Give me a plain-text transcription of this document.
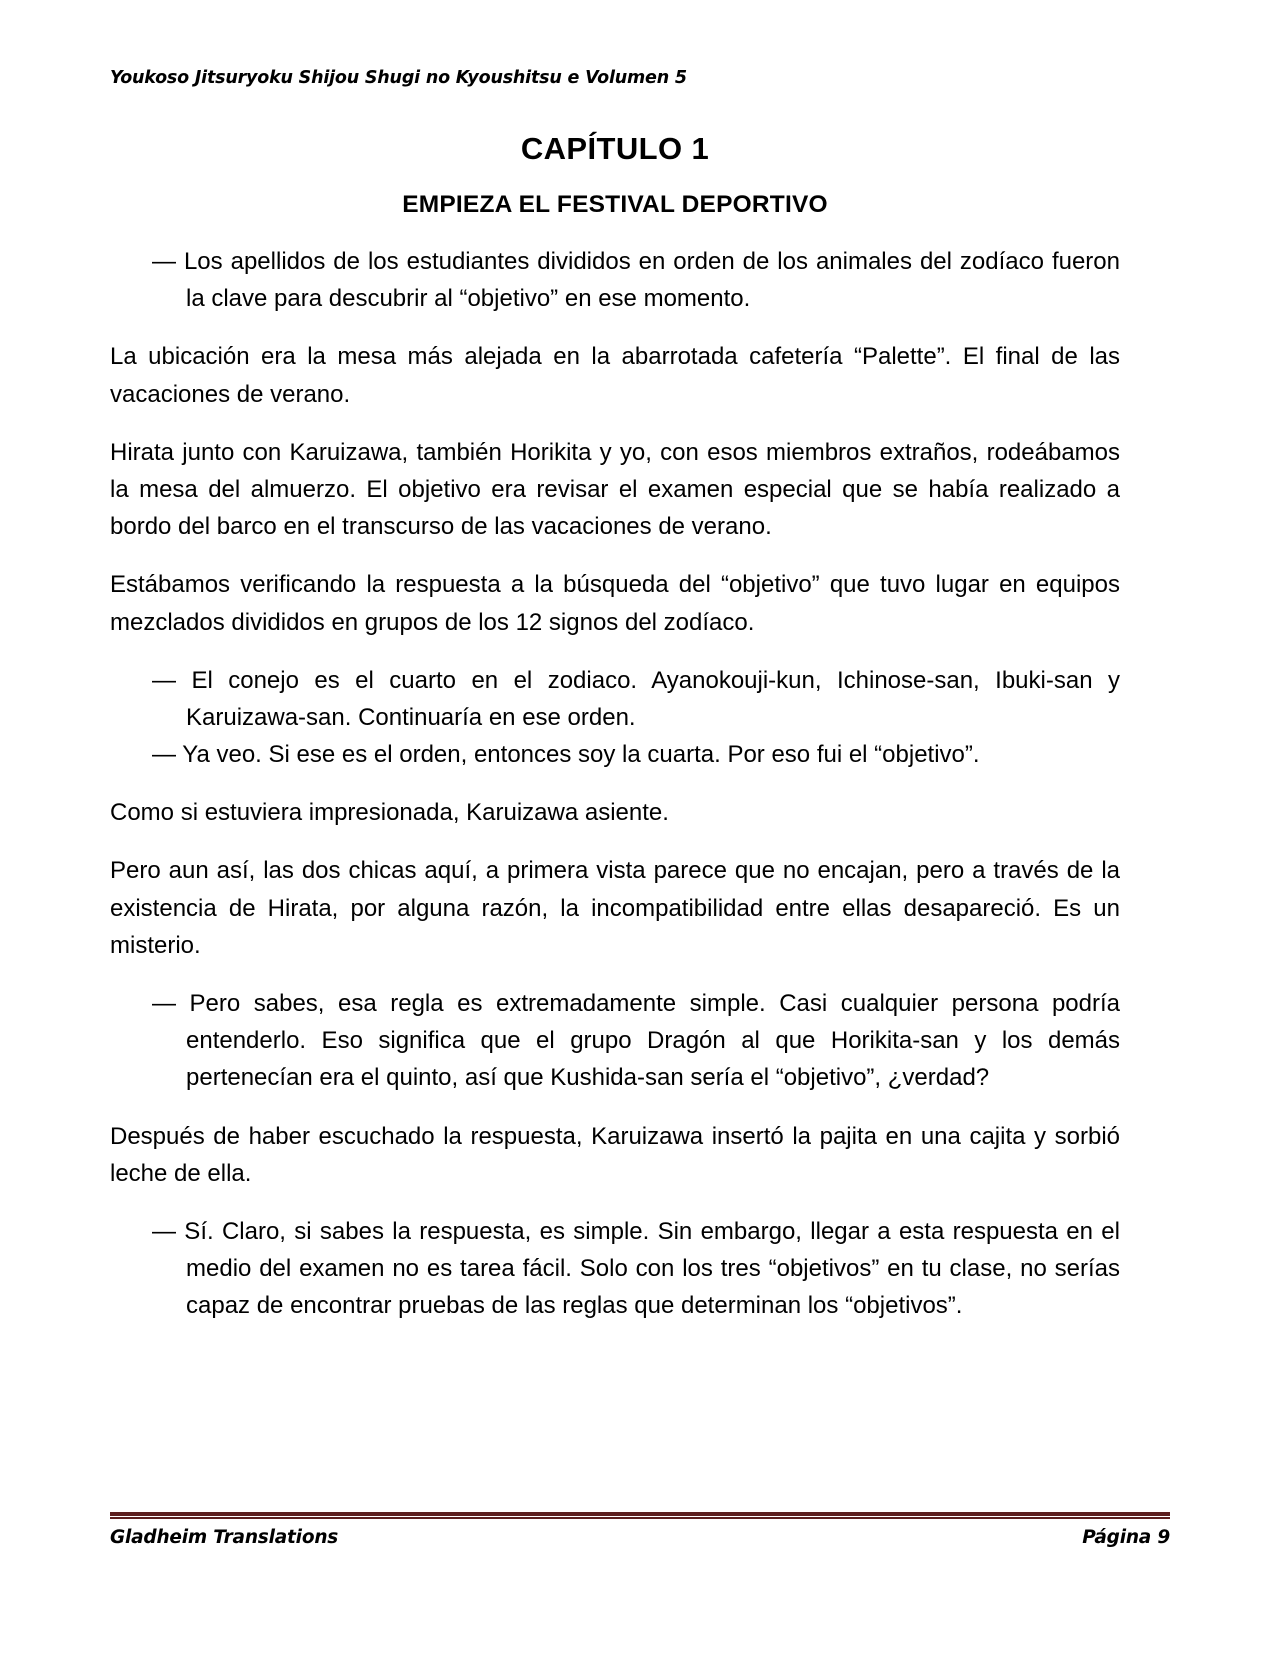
Youkoso Jitsuryoku Shijou Shugi no Kyoushitsu e Volumen 5
CAPÍTULO 1
EMPIEZA EL FESTIVAL DEPORTIVO

— Los apellidos de los estudiantes divididos en orden de los animales del zodíaco fueron la clave para descubrir al “objetivo” en ese momento.

La ubicación era la mesa más alejada en la abarrotada cafetería “Palette”. El final de las vacaciones de verano.

Hirata junto con Karuizawa, también Horikita y yo, con esos miembros extraños, rodeábamos la mesa del almuerzo. El objetivo era revisar el examen especial que se había realizado a bordo del barco en el transcurso de las vacaciones de verano.

Estábamos verificando la respuesta a la búsqueda del “objetivo” que tuvo lugar en equipos mezclados divididos en grupos de los 12 signos del zodíaco.

— El conejo es el cuarto en el zodiaco. Ayanokouji-kun, Ichinose-san, Ibuki-san y Karuizawa-san. Continuaría en ese orden.

— Ya veo. Si ese es el orden, entonces soy la cuarta. Por eso fui el “objetivo”.

Como si estuviera impresionada, Karuizawa asiente.

Pero aun así, las dos chicas aquí, a primera vista parece que no encajan, pero a través de la existencia de Hirata, por alguna razón, la incompatibilidad entre ellas desapareció. Es un misterio.

— Pero sabes, esa regla es extremadamente simple. Casi cualquier persona podría entenderlo. Eso significa que el grupo Dragón al que Horikita-san y los demás pertenecían era el quinto, así que Kushida-san sería el “objetivo”, ¿verdad?

Después de haber escuchado la respuesta, Karuizawa insertó la pajita en una cajita y sorbió leche de ella.

— Sí. Claro, si sabes la respuesta, es simple. Sin embargo, llegar a esta respuesta en el medio del examen no es tarea fácil. Solo con los tres “objetivos” en tu clase, no serías capaz de encontrar pruebas de las reglas que determinan los “objetivos”.

Gladheim Translations	Página 9
